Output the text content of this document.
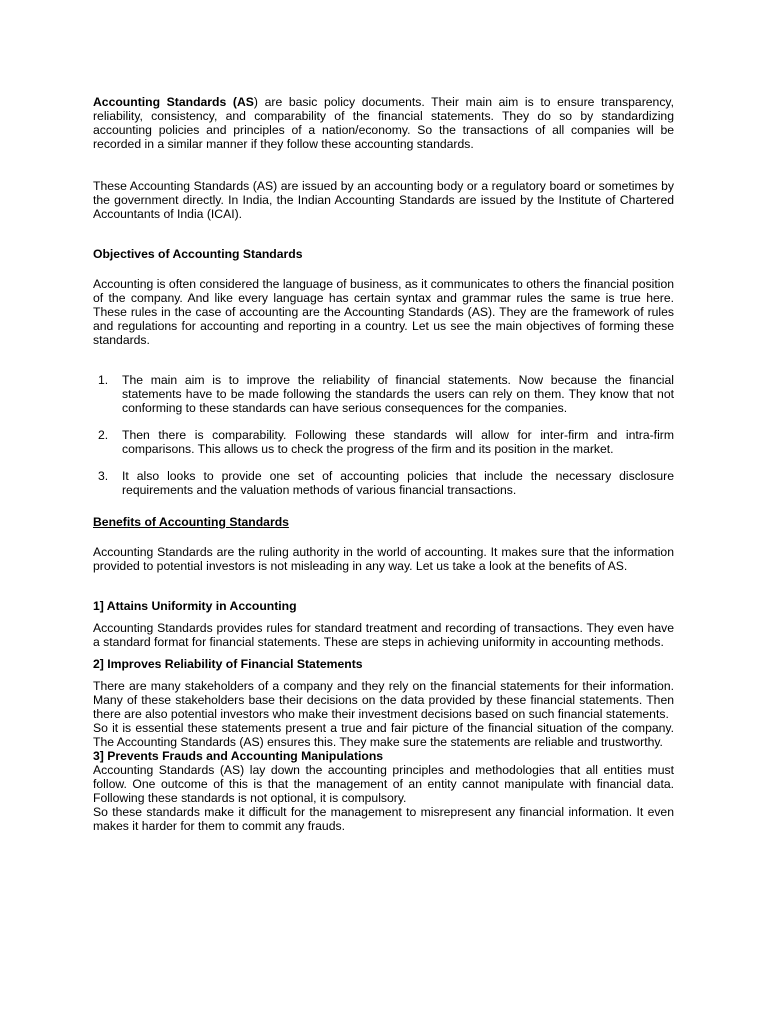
Accounting Standards (AS) are basic policy documents. Their main aim is to ensure transparency, reliability, consistency, and comparability of the financial statements. They do so by standardizing accounting policies and principles of a nation/economy. So the transactions of all companies will be recorded in a similar manner if they follow these accounting standards.

These Accounting Standards (AS) are issued by an accounting body or a regulatory board or sometimes by the government directly. In India, the Indian Accounting Standards are issued by the Institute of Chartered Accountants of India (ICAI).

Objectives of Accounting Standards

Accounting is often considered the language of business, as it communicates to others the financial position of the company. And like every language has certain syntax and grammar rules the same is true here. These rules in the case of accounting are the Accounting Standards (AS). They are the framework of rules and regulations for accounting and reporting in a country. Let us see the main objectives of forming these standards.

1. The main aim is to improve the reliability of financial statements. Now because the financial statements have to be made following the standards the users can rely on them. They know that not conforming to these standards can have serious consequences for the companies.
2. Then there is comparability. Following these standards will allow for inter-firm and intra-firm comparisons. This allows us to check the progress of the firm and its position in the market.
3. It also looks to provide one set of accounting policies that include the necessary disclosure requirements and the valuation methods of various financial transactions.

Benefits of Accounting Standards

Accounting Standards are the ruling authority in the world of accounting. It makes sure that the information provided to potential investors is not misleading in any way. Let us take a look at the benefits of AS.

1] Attains Uniformity in Accounting

Accounting Standards provides rules for standard treatment and recording of transactions. They even have a standard format for financial statements. These are steps in achieving uniformity in accounting methods.

2] Improves Reliability of Financial Statements

There are many stakeholders of a company and they rely on the financial statements for their information. Many of these stakeholders base their decisions on the data provided by these financial statements. Then there are also potential investors who make their investment decisions based on such financial statements.

So it is essential these statements present a true and fair picture of the financial situation of the company. The Accounting Standards (AS) ensures this. They make sure the statements are reliable and trustworthy.

3] Prevents Frauds and Accounting Manipulations

Accounting Standards (AS) lay down the accounting principles and methodologies that all entities must follow. One outcome of this is that the management of an entity cannot manipulate with financial data. Following these standards is not optional, it is compulsory.

So these standards make it difficult for the management to misrepresent any financial information. It even makes it harder for them to commit any frauds.
